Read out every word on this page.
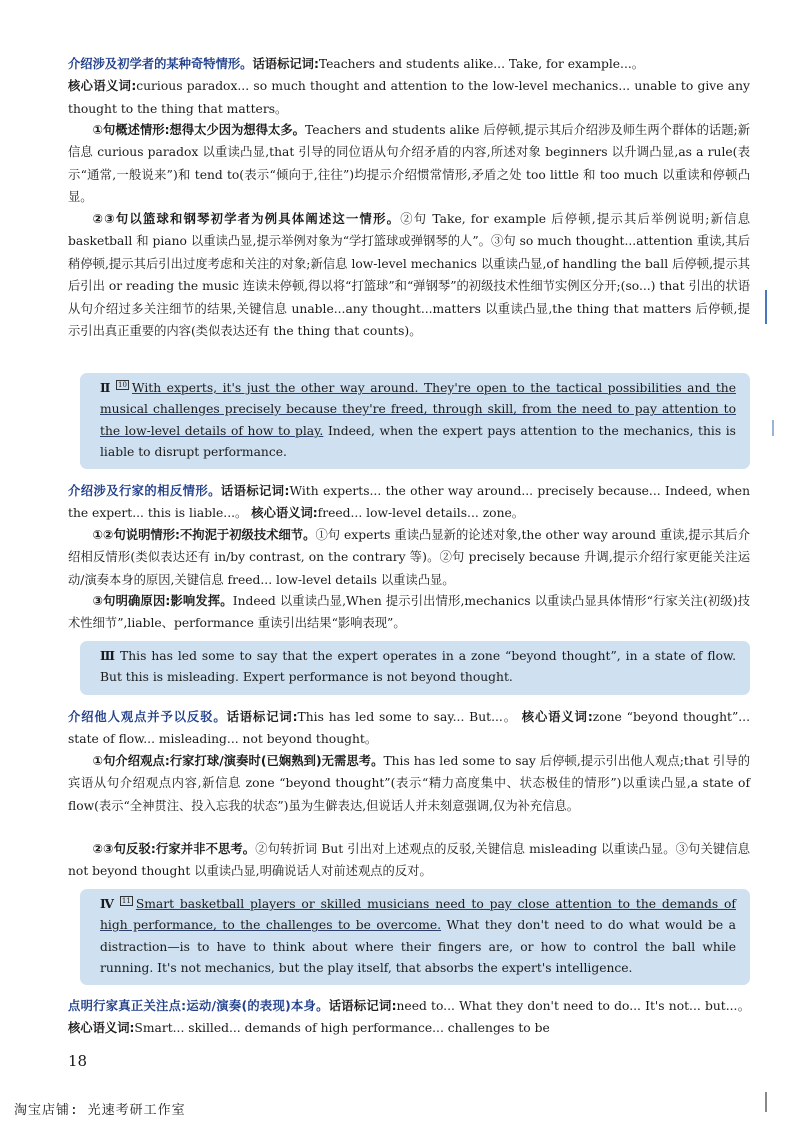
介绍涉及初学者的某种奇特情形。话语标记词:Teachers and students alike... Take, for example...。
核心语义词:curious paradox... so much thought and attention to the low-level mechanics... unable to give any thought to the thing that matters。

①句概述情形:想得太少因为想得太多。Teachers and students alike 后停顿,提示其后介绍涉及师生两个群体的话题;新信息 curious paradox 以重读凸显,that 引导的同位语从句介绍矛盾的内容,所述对象 beginners 以升调凸显,as a rule(表示“通常,一般说来”)和 tend to(表示“倾向于,往往”)均提示介绍惯常情形,矛盾之处 too little 和 too much 以重读和停顿凸显。

②③句以篮球和钢琴初学者为例具体阐述这一情形。②句 Take, for example 后停顿,提示其后举例说明;新信息 basketball 和 piano 以重读凸显,提示举例对象为“学打篮球或弹钢琴的人”。③句 so much thought...attention 重读,其后稍停顿,提示其后引出过度考虑和关注的对象;新信息 low-level mechanics 以重读凸显,of handling the ball 后停顿,提示其后引出 or reading the music 连读未停顿,得以将“打篮球”和“弹钢琴”的初级技术性细节实例区分开;(so...) that 引出的状语从句介绍过多关注细节的结果,关键信息 unable...any thought...matters 以重读凸显,the thing that matters 后停顿,提示引出真正重要的内容(类似表达还有 the thing that counts)。

Ⅱ 10 With experts, it's just the other way around. They're open to the tactical possibilities and the musical challenges precisely because they're freed, through skill, from the need to pay attention to the low-level details of how to play. Indeed, when the expert pays attention to the mechanics, this is liable to disrupt performance.

介绍涉及行家的相反情形。话语标记词:With experts... the other way around... precisely because... Indeed, when the expert... this is liable...。 核心语义词:freed... low-level details... zone。

①②句说明情形:不拘泥于初级技术细节。①句 experts 重读凸显新的论述对象,the other way around 重读,提示其后介绍相反情形(类似表达还有 in/by contrast, on the contrary 等)。②句 precisely because 升调,提示介绍行家更能关注运动/演奏本身的原因,关键信息 freed... low-level details 以重读凸显。

③句明确原因:影响发挥。Indeed 以重读凸显,When 提示引出情形,mechanics 以重读凸显具体情形“行家关注(初级)技术性细节”,liable、performance 重读引出结果“影响表现”。

Ⅲ This has led some to say that the expert operates in a zone “beyond thought”, in a state of flow. But this is misleading. Expert performance is not beyond thought.

介绍他人观点并予以反驳。话语标记词:This has led some to say... But...。 核心语义词:zone “beyond thought”... state of flow... misleading... not beyond thought。

①句介绍观点:行家打球/演奏时(已娴熟到)无需思考。This has led some to say 后停顿,提示引出他人观点;that 引导的宾语从句介绍观点内容,新信息 zone “beyond thought”(表示“精力高度集中、状态极佳的情形”)以重读凸显,a state of flow(表示“全神贯注、投入忘我的状态”)虽为生僻表达,但说话人并未刻意强调,仅为补充信息。

②③句反驳:行家并非不思考。②句转折词 But 引出对上述观点的反驳,关键信息 misleading 以重读凸显。③句关键信息 not beyond thought 以重读凸显,明确说话人对前述观点的反对。

Ⅳ 11 Smart basketball players or skilled musicians need to pay close attention to the demands of high performance, to the challenges to be overcome. What they don't need to do what would be a distraction—is to have to think about where their fingers are, or how to control the ball while running. It's not mechanics, but the play itself, that absorbs the expert's intelligence.

点明行家真正关注点:运动/演奏(的表现)本身。话语标记词:need to... What they don't need to do... It's not... but...。 核心语义词:Smart... skilled... demands of high performance... challenges to be

18
淘宝店铺: 光速考研工作室
